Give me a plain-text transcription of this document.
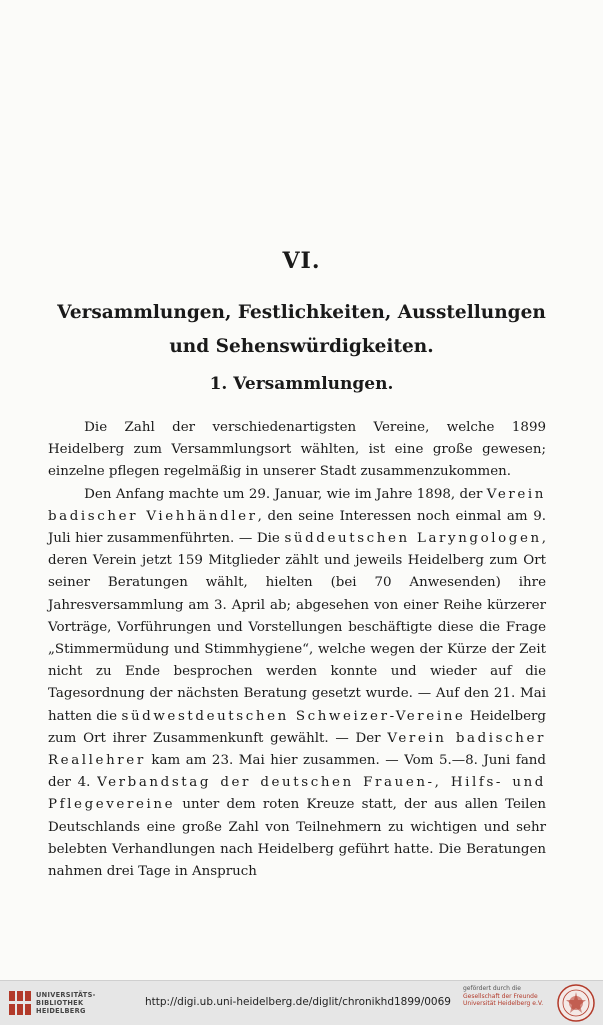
VI.
Versammlungen, Festlichkeiten, Ausstellungen
und Sehenswürdigkeiten.
1. Versammlungen.

Die Zahl der verschiedenartigsten Vereine, welche 1899 Heidelberg zum Versammlungsort wählten, ist eine große gewesen; einzelne pflegen regelmäßig in unserer Stadt zusammenzukommen.

Den Anfang machte um 29. Januar, wie im Jahre 1898, der Verein badischer Viehhändler, den seine Interessen noch einmal am 9. Juli hier zusammenführten. — Die süddeutschen Laryngologen, deren Verein jetzt 159 Mitglieder zählt und jeweils Heidelberg zum Ort seiner Beratungen wählt, hielten (bei 70 Anwesenden) ihre Jahresversammlung am 3. April ab; abgesehen von einer Reihe kürzerer Vorträge, Vorführungen und Vorstellungen beschäftigte diese die Frage „Stimmermüdung und Stimmhygiene“, welche wegen der Kürze der Zeit nicht zu Ende besprochen werden konnte und wieder auf die Tagesordnung der nächsten Beratung gesetzt wurde. — Auf den 21. Mai hatten die südwestdeutschen Schweizer-Vereine Heidelberg zum Ort ihrer Zusammenkunft gewählt. — Der Verein badischer Reallehrer kam am 23. Mai hier zusammen. — Vom 5.—8. Juni fand der 4. Verbandstag der deutschen Frauen-, Hilfs- und Pflegevereine unter dem roten Kreuze statt, der aus allen Teilen Deutschlands eine große Zahl von Teilnehmern zu wichtigen und sehr belebten Verhandlungen nach Heidelberg geführt hatte. Die Beratungen nahmen drei Tage in Anspruch

UNIVERSITÄTS-
BIBLIOTHEK
HEIDELBERG
http://digi.ub.uni-heidelberg.de/diglit/chronikhd1899/0069
gefördert durch die
Gesellschaft der Freunde
Universität Heidelberg e.V.
